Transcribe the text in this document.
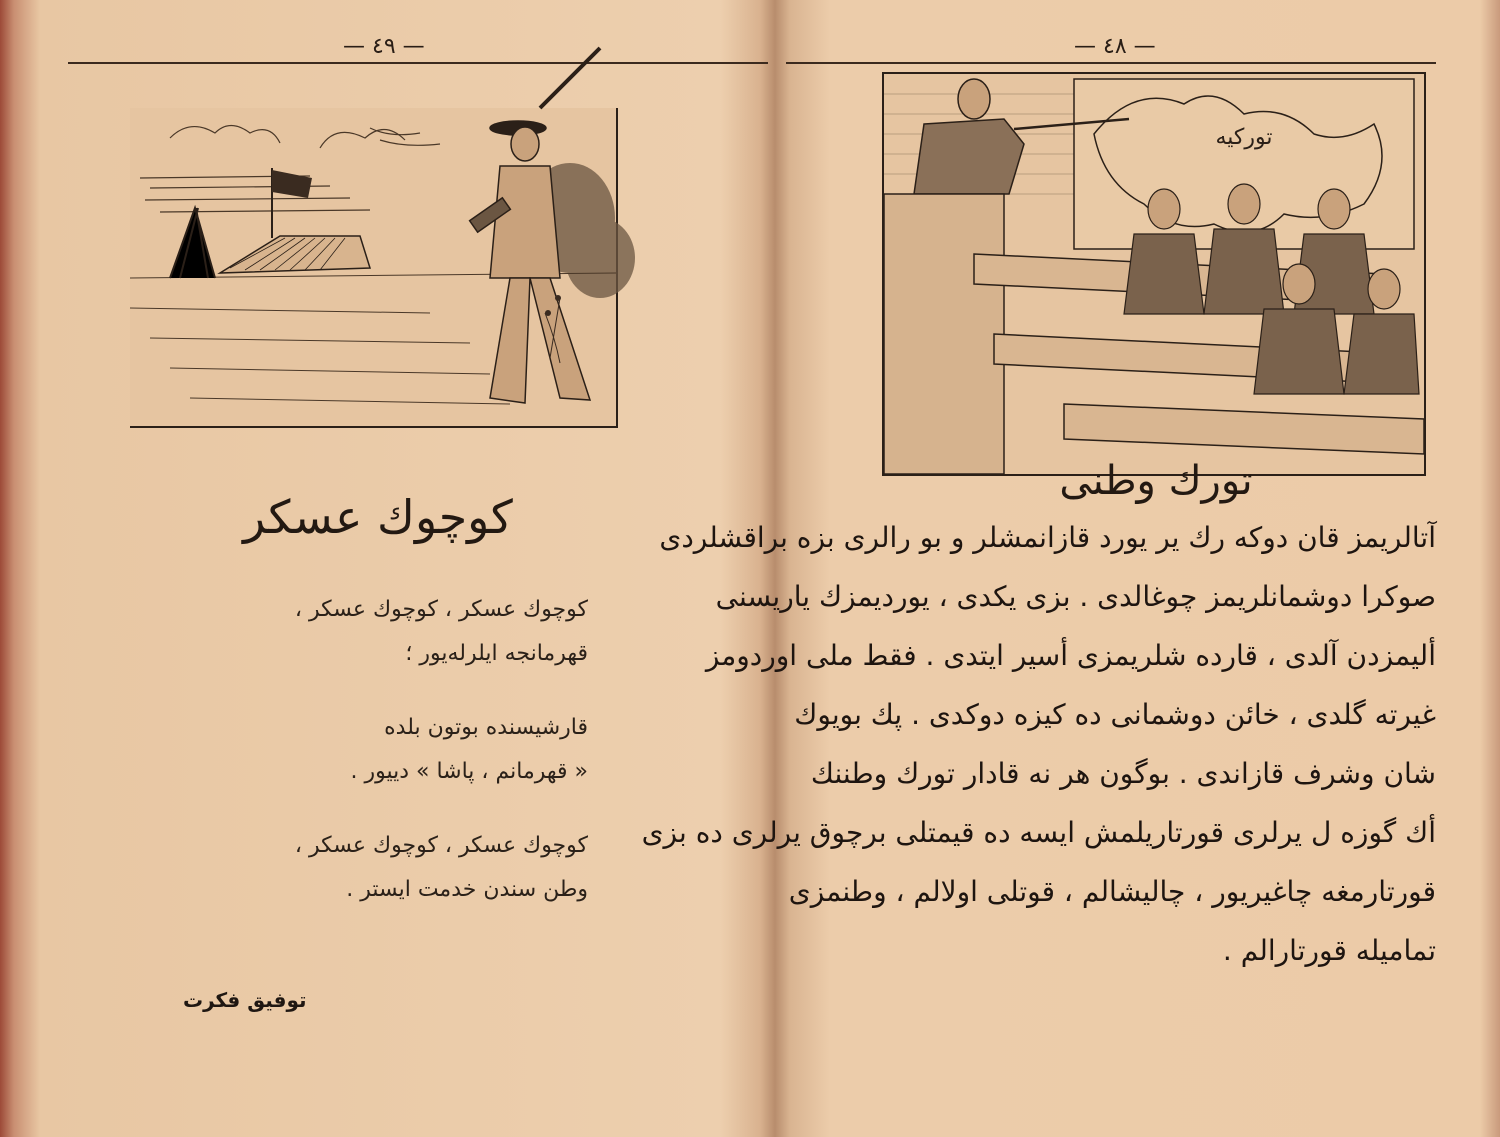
— ٤٩ —
کوچوك عسکر
کوچوك عسکر ، کوچوك عسکر ،
قهرمانجه ایلرله‌یور ؛
قارشیسنده بوتون بلده
« قهرمانم ، پاشا » دییور .
کوچوك عسکر ، کوچوك عسکر ،
وطن سندن خدمت ایستر .
توفیق فکرت
— ٤٨ —
تورکیه
تورك وطنی
آتالریمز قان دوکه رك یر یورد قازانمشلر و بو رالری بزه براقشلردی
صوكرا دوشمانلریمز چوغالدی . بزی یکدی ، یوردیمزك یاریسنی
ألیمزدن آلدی ، قارده شلریمزی أسیر ایتدی . فقط ملی اوردومز
غیرته گلدی ، خائن دوشمانی ده کیزه دوکدی . پك بویوك
شان وشرف قازاندی . بوگون هر نه قادار تورك وطننك
أك گوزه ل یرلری قورتاریلمش ایسه ده قیمتلی برچوق یرلری ده بزی
قورتارمغه چاغیریور ، چالیشالم ، قوتلی اولالم ، وطنمزی
تمامیله قورتارالم .
